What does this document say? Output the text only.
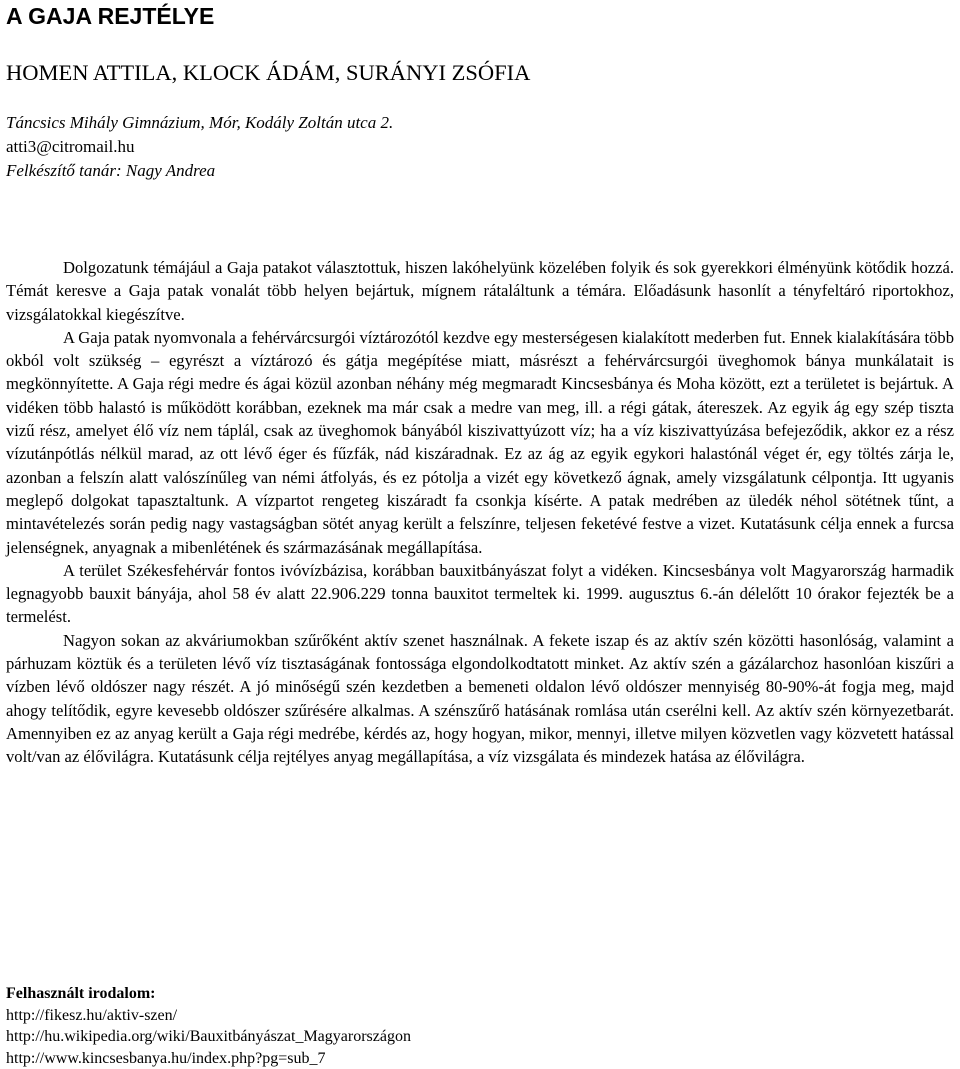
A GAJA REJTÉLYE
HOMEN ATTILA, KLOCK ÁDÁM, SURÁNYI ZSÓFIA
Táncsics Mihály Gimnázium, Mór, Kodály Zoltán utca 2.
atti3@citromail.hu
Felkészítő tanár: Nagy Andrea

Dolgozatunk témájául a Gaja patakot választottuk, hiszen lakóhelyünk közelében folyik és sok gyerekkori élményünk kötődik hozzá. Témát keresve a Gaja patak vonalát több helyen bejártuk, mígnem rátaláltunk a témára. Előadásunk hasonlít a tényfeltáró riportokhoz, vizsgálatokkal kiegészítve.

A Gaja patak nyomvonala a fehérvárcsurgói víztározótól kezdve egy mesterségesen kialakított mederben fut. Ennek kialakítására több okból volt szükség – egyrészt a víztározó és gátja megépítése miatt, másrészt a fehérvárcsurgói üveghomok bánya munkálatait is megkönnyítette. A Gaja régi medre és ágai közül azonban néhány még megmaradt Kincsesbánya és Moha között, ezt a területet is bejártuk. A vidéken több halastó is működött korábban, ezeknek ma már csak a medre van meg, ill. a régi gátak, átereszek. Az egyik ág egy szép tiszta vizű rész, amelyet élő víz nem táplál, csak az üveghomok bányából kiszivattyúzott víz; ha a víz kiszivattyúzása befejeződik, akkor ez a rész vízutánpótlás nélkül marad, az ott lévő éger és fűzfák, nád kiszáradnak. Ez az ág az egyik egykori halastónál véget ér, egy töltés zárja le, azonban a felszín alatt valószínűleg van némi átfolyás, és ez pótolja a vizét egy következő ágnak, amely vizsgálatunk célpontja. Itt ugyanis meglepő dolgokat tapasztaltunk. A vízpartot rengeteg kiszáradt fa csonkja kísérte. A patak medrében az üledék néhol sötétnek tűnt, a mintavételezés során pedig nagy vastagságban sötét anyag került a felszínre, teljesen feketévé festve a vizet. Kutatásunk célja ennek a furcsa jelenségnek, anyagnak a mibenlétének és származásának megállapítása.

A terület Székesfehérvár fontos ivóvízbázisa, korábban bauxitbányászat folyt a vidéken. Kincsesbánya volt Magyarország harmadik legnagyobb bauxit bányája, ahol 58 év alatt 22.906.229 tonna bauxitot termeltek ki. 1999. augusztus 6.-án délelőtt 10 órakor fejezték be a termelést.

Nagyon sokan az akváriumokban szűrőként aktív szenet használnak. A fekete iszap és az aktív szén közötti hasonlóság, valamint a párhuzam köztük és a területen lévő víz tisztaságának fontossága elgondolkodtatott minket. Az aktív szén a gázálarchoz hasonlóan kiszűri a vízben lévő oldószer nagy részét. A jó minőségű szén kezdetben a bemeneti oldalon lévő oldószer mennyiség 80-90%-át fogja meg, majd ahogy telítődik, egyre kevesebb oldószer szűrésére alkalmas. A szénszűrő hatásának romlása után cserélni kell. Az aktív szén környezetbarát. Amennyiben ez az anyag került a Gaja régi medrébe, kérdés az, hogy hogyan, mikor, mennyi, illetve milyen közvetlen vagy közvetett hatással volt/van az élővilágra. Kutatásunk célja rejtélyes anyag megállapítása, a víz vizsgálata és mindezek hatása az élővilágra.

Felhasznált irodalom:
http://fikesz.hu/aktiv-szen/
http://hu.wikipedia.org/wiki/Bauxitbányászat_Magyarországon
http://www.kincsesbanya.hu/index.php?pg=sub_7
